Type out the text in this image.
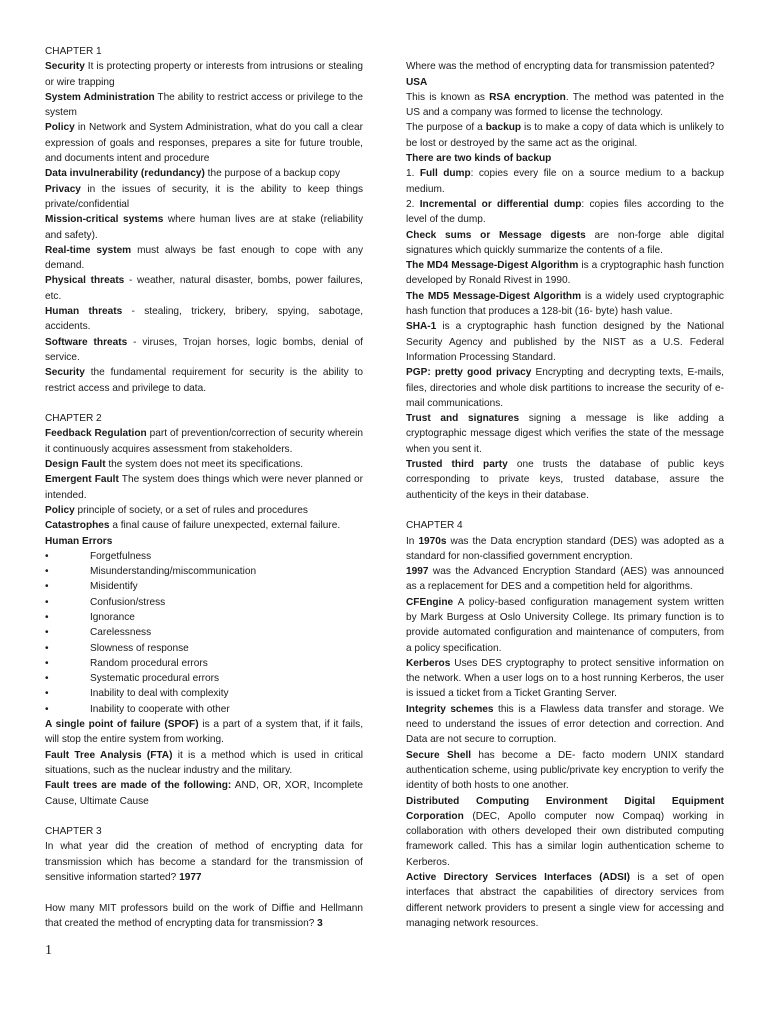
CHAPTER 1

Security It is protecting property or interests from intrusions or stealing or wire trapping

System Administration The ability to restrict access or privilege to the system

Policy in Network and System Administration, what do you call a clear expression of goals and responses, prepares a site for future trouble, and documents intent and procedure

Data invulnerability (redundancy) the purpose of a backup copy

Privacy in the issues of security, it is the ability to keep things private/confidential

Mission-critical systems where human lives are at stake (reliability and safety).

Real-time system must always be fast enough to cope with any demand.

Physical threats - weather, natural disaster, bombs, power failures, etc.

Human threats - stealing, trickery, bribery, spying, sabotage, accidents.

Software threats - viruses, Trojan horses, logic bombs, denial of service.

Security the fundamental requirement for security is the ability to restrict access and privilege to data.

CHAPTER 2

Feedback Regulation part of prevention/correction of security wherein it continuously acquires assessment from stakeholders.

Design Fault the system does not meet its specifications.

Emergent Fault The system does things which were never planned or intended.

Policy principle of society, or a set of rules and procedures

Catastrophes a final cause of failure unexpected, external failure.

Human Errors

•	Forgetfulness

•	Misunderstanding/miscommunication

•	Misidentify

•	Confusion/stress

•	Ignorance

•	Carelessness

•	Slowness of response

•	Random procedural errors

•	Systematic procedural errors

•	Inability to deal with complexity

•	Inability to cooperate with other

A single point of failure (SPOF) is a part of a system that, if it fails, will stop the entire system from working.

Fault Tree Analysis (FTA) it is a method which is used in critical situations, such as the nuclear industry and the military.

Fault trees are made of the following: AND, OR, XOR, Incomplete Cause, Ultimate Cause

CHAPTER 3

In what year did the creation of method of encrypting data for transmission which has become a standard for the transmission of sensitive information started? 1977

How many MIT professors build on the work of Diffie and Hellmann that created the method of encrypting data for transmission? 3

Where was the method of encrypting data for transmission patented?

USA

This is known as RSA encryption. The method was patented in the US and a company was formed to license the technology.

The purpose of a backup is to make a copy of data which is unlikely to be lost or destroyed by the same act as the original.

There are two kinds of backup

1. Full dump: copies every file on a source medium to a backup medium.

2. Incremental or differential dump: copies files according to the level of the dump.

Check sums or Message digests are non-forge able digital signatures which quickly summarize the contents of a file.

The MD4 Message-Digest Algorithm is a cryptographic hash function developed by Ronald Rivest in 1990.

The MD5 Message-Digest Algorithm is a widely used cryptographic hash function that produces a 128-bit (16- byte) hash value.

SHA-1 is a cryptographic hash function designed by the National Security Agency and published by the NIST as a U.S. Federal Information Processing Standard.

PGP: pretty good privacy Encrypting and decrypting texts, E-mails, files, directories and whole disk partitions to increase the security of e-mail communications.

Trust and signatures signing a message is like adding a cryptographic message digest which verifies the state of the message when you sent it.

Trusted third party one trusts the database of public keys corresponding to private keys, trusted database, assure the authenticity of the keys in their database.

CHAPTER 4

In 1970s was the Data encryption standard (DES) was adopted as a standard for non-classified government encryption.

1997 was the Advanced Encryption Standard (AES) was announced as a replacement for DES and a competition held for algorithms.

CFEngine A policy-based configuration management system written by Mark Burgess at Oslo University College. Its primary function is to provide automated configuration and maintenance of computers, from a policy specification.

Kerberos Uses DES cryptography to protect sensitive information on the network. When a user logs on to a host running Kerberos, the user is issued a ticket from a Ticket Granting Server.

Integrity schemes this is a Flawless data transfer and storage. We need to understand the issues of error detection and correction. And Data are not secure to corruption.

Secure Shell has become a DE- facto modern UNIX standard authentication scheme, using public/private key encryption to verify the identity of both hosts to one another.

Distributed Computing Environment Digital Equipment Corporation (DEC, Apollo computer now Compaq) working in collaboration with others developed their own distributed computing framework called. This has a similar login authentication scheme to Kerberos.

Active Directory Services Interfaces (ADSI) is a set of open interfaces that abstract the capabilities of directory services from different network providers to present a single view for accessing and managing network resources.

1
